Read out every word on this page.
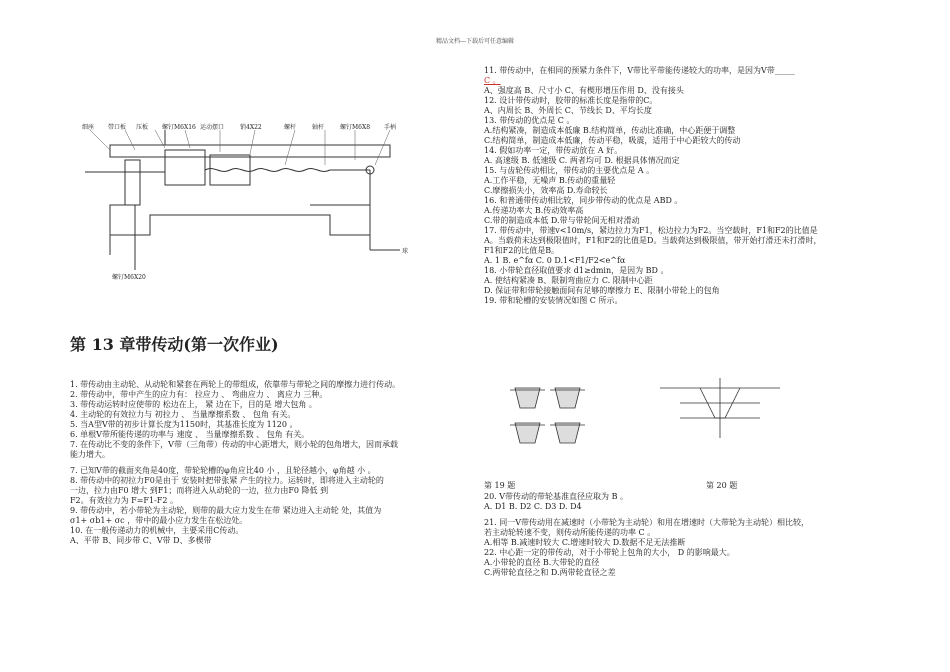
精品文档---下载后可任意编辑
细座 带口板 压板 螺钉M6X16 运动摆口	销4X22	螺杆	轴杆	螺钉M6X8 手柄
螺钉M6X20
球
第 13 章带传动(第一次作业)
1. 带传动由主动轮、从动轮和紧套在两轮上的带组成，依靠带与带轮之间的摩擦力进行传动。
2. 带传动中，带中产生的应力有： 拉应力 、 弯曲应力 、 离应力 三种。
3. 带传动运转时应使带的 松边在上， 紧 边在下，目的是 增大包角 。
4. 主动轮的有效拉力与 初拉力 、 当量摩擦系数 、 包角 有关。
5. 当A型V带的初步计算长度为1150时，其基准长度为 1120 。
6. 单根V带所能传递的功率与 速度 、 当量摩擦系数 、 包角 有关。
7. 在传动比不变的条件下，V带（三角带）传动的中心距增大，则小轮的包角增大，因而承载
能力增大。
7. 已知V带的截面夹角是40度，带轮轮槽的φ角应比40 小 ，且轮径越小，φ角越 小 。
8. 带传动中的初拉力F0是由于 安装时把带张紧 产生的拉力。运转时，即将进入主动轮的
一边，拉力由F0 增大 到F1；而将进入从动轮的一边，拉力由F0 降低 到
F2。有效拉力为 F=F1-F2 。
9. 带传动中，若小带轮为主动轮，则带的最大应力发生在带 紧边进入主动轮 处，其值为
σ1+ σb1+ σc ，带中的最小应力发生在松边处。
10. 在一般传递动力的机械中，主要采用C传动。
A、平带 B、同步带 C、V带 D、多楔带
11. 带传动中，在相同的预紧力条件下，V带比平带能传递较大的功率，是因为V带_____
C 。
A、强度高 B、尺寸小 C、有楔形增压作用 D、没有接头
12. 设计带传动时，胶带的标准长度是指带的C。
A、内周长 B、外周长 C、节线长 D、平均长度
13. 带传动的优点是 C 。
A.结构紧凑，制造成本低廉 B.结构简单，传动比准确，中心距便于调整
C.结构简单，制造成本低廉，传动平稳，吸震，适用于中心距较大的传动
14. 假如功率一定，带传动放在 A 好。
A. 高速级 B. 低速级 C. 两者均可 D. 根据具体情况而定
15. 与齿轮传动相比，带传动的主要优点是 A 。
A.工作平稳，无噪声 B.传动的重量轻
C.摩擦损失小，效率高 D.寿命较长
16. 和普通带传动相比较，同步带传动的优点是 ABD 。
A.传递功率大 B.传动效率高
C.带的制造成本低 D.带与带轮间无相对滑动
17. 带传动中，带速v<10m/s，紧边拉力为F1，松边拉力为F2。当空载时，F1和F2的比值是
A。当载荷未达到极限值时，F1和F2的比值是D。当载荷达到极限值，带开始打滑还未打滑时，
F1和F2的比值是B。
A. 1 B. e^fα C. 0 D.1<F1/F2<e^fα
18. 小带轮直径取值要求 d1≥dmin，是因为 BD 。
A. 使结构紧凑 B、限制弯曲应力 C. 限制中心距
D. 保证带和带轮接触面间有足够的摩擦力 E、限制小带轮上的包角
19. 带和轮槽的安装情况如图 C 所示。
第 19 题	第 20 题
20. V带传动的带轮基准直径应取为 B 。
A. D1 B. D2 C. D3 D. D4
21. 同一V带传动用在减速时（小带轮为主动轮）和用在增速时（大带轮为主动轮）相比较，
若主动轮转速不变，则传动所能传递的功率 C 。
A.相等 B.减速时较大 C.增速时较大 D.数据不足无法推断
22. 中心距一定的带传动，对于小带轮上包角的大小， D 的影响最大。
A.小带轮的直径 B.大带轮的直径
C.两带轮直径之和 D.两带轮直径之差
